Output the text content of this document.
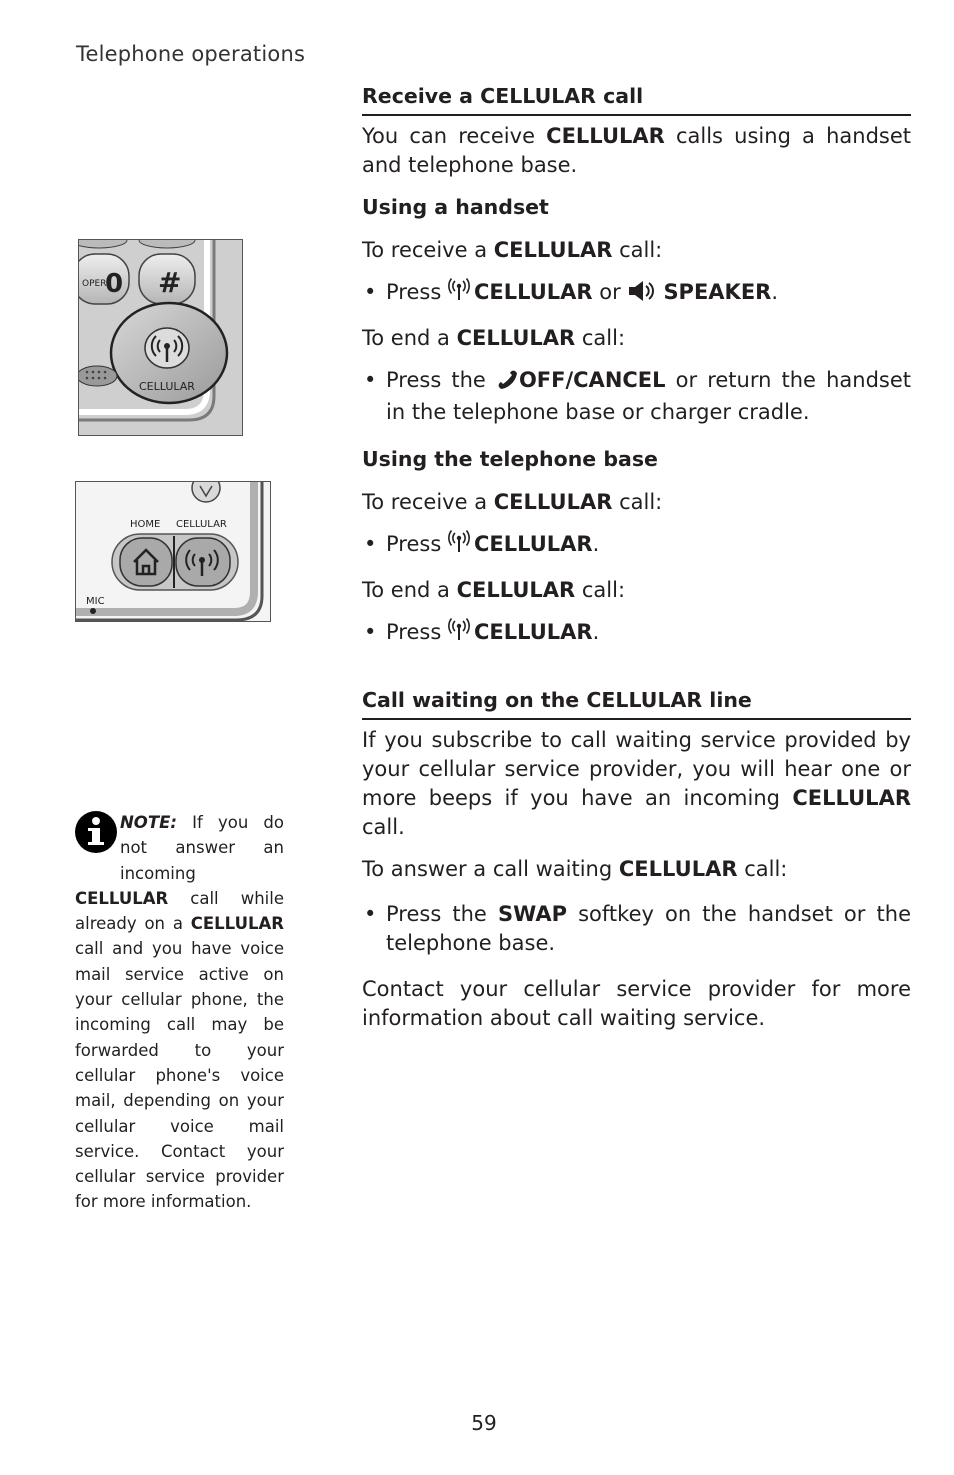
Telephone operations
OPER
0 #
CELLULAR
HOME CELLULAR
MIC
Receive a CELLULAR call

You can receive CELLULAR calls using a handset and telephone base.

Using a handset

To receive a CELLULAR call:

• Press CELLULAR or SPEAKER.

To end a CELLULAR call:

• Press the OFF/CANCEL or return the handset in the telephone base or charger cradle.
Using the telephone base

To receive a CELLULAR call:

• Press CELLULAR.

To end a CELLULAR call:

• Press CELLULAR.
Call waiting on the CELLULAR line

If you subscribe to call waiting service provided by your cellular service provider, you will hear one or more beeps if you have an incoming CELLULAR call.

To answer a call waiting CELLULAR call:

• Press the SWAP softkey on the handset or the telephone base.

Contact your cellular service provider for more information about call waiting service.

NOTE: If you do not answer an incoming CELLULAR call while already on a CELLULAR call and you have voice mail service active on your cellular phone, the incoming call may be forwarded to your cellular phone's voice mail, depending on your cellular voice mail service. Contact your cellular service provider for more information.
59
